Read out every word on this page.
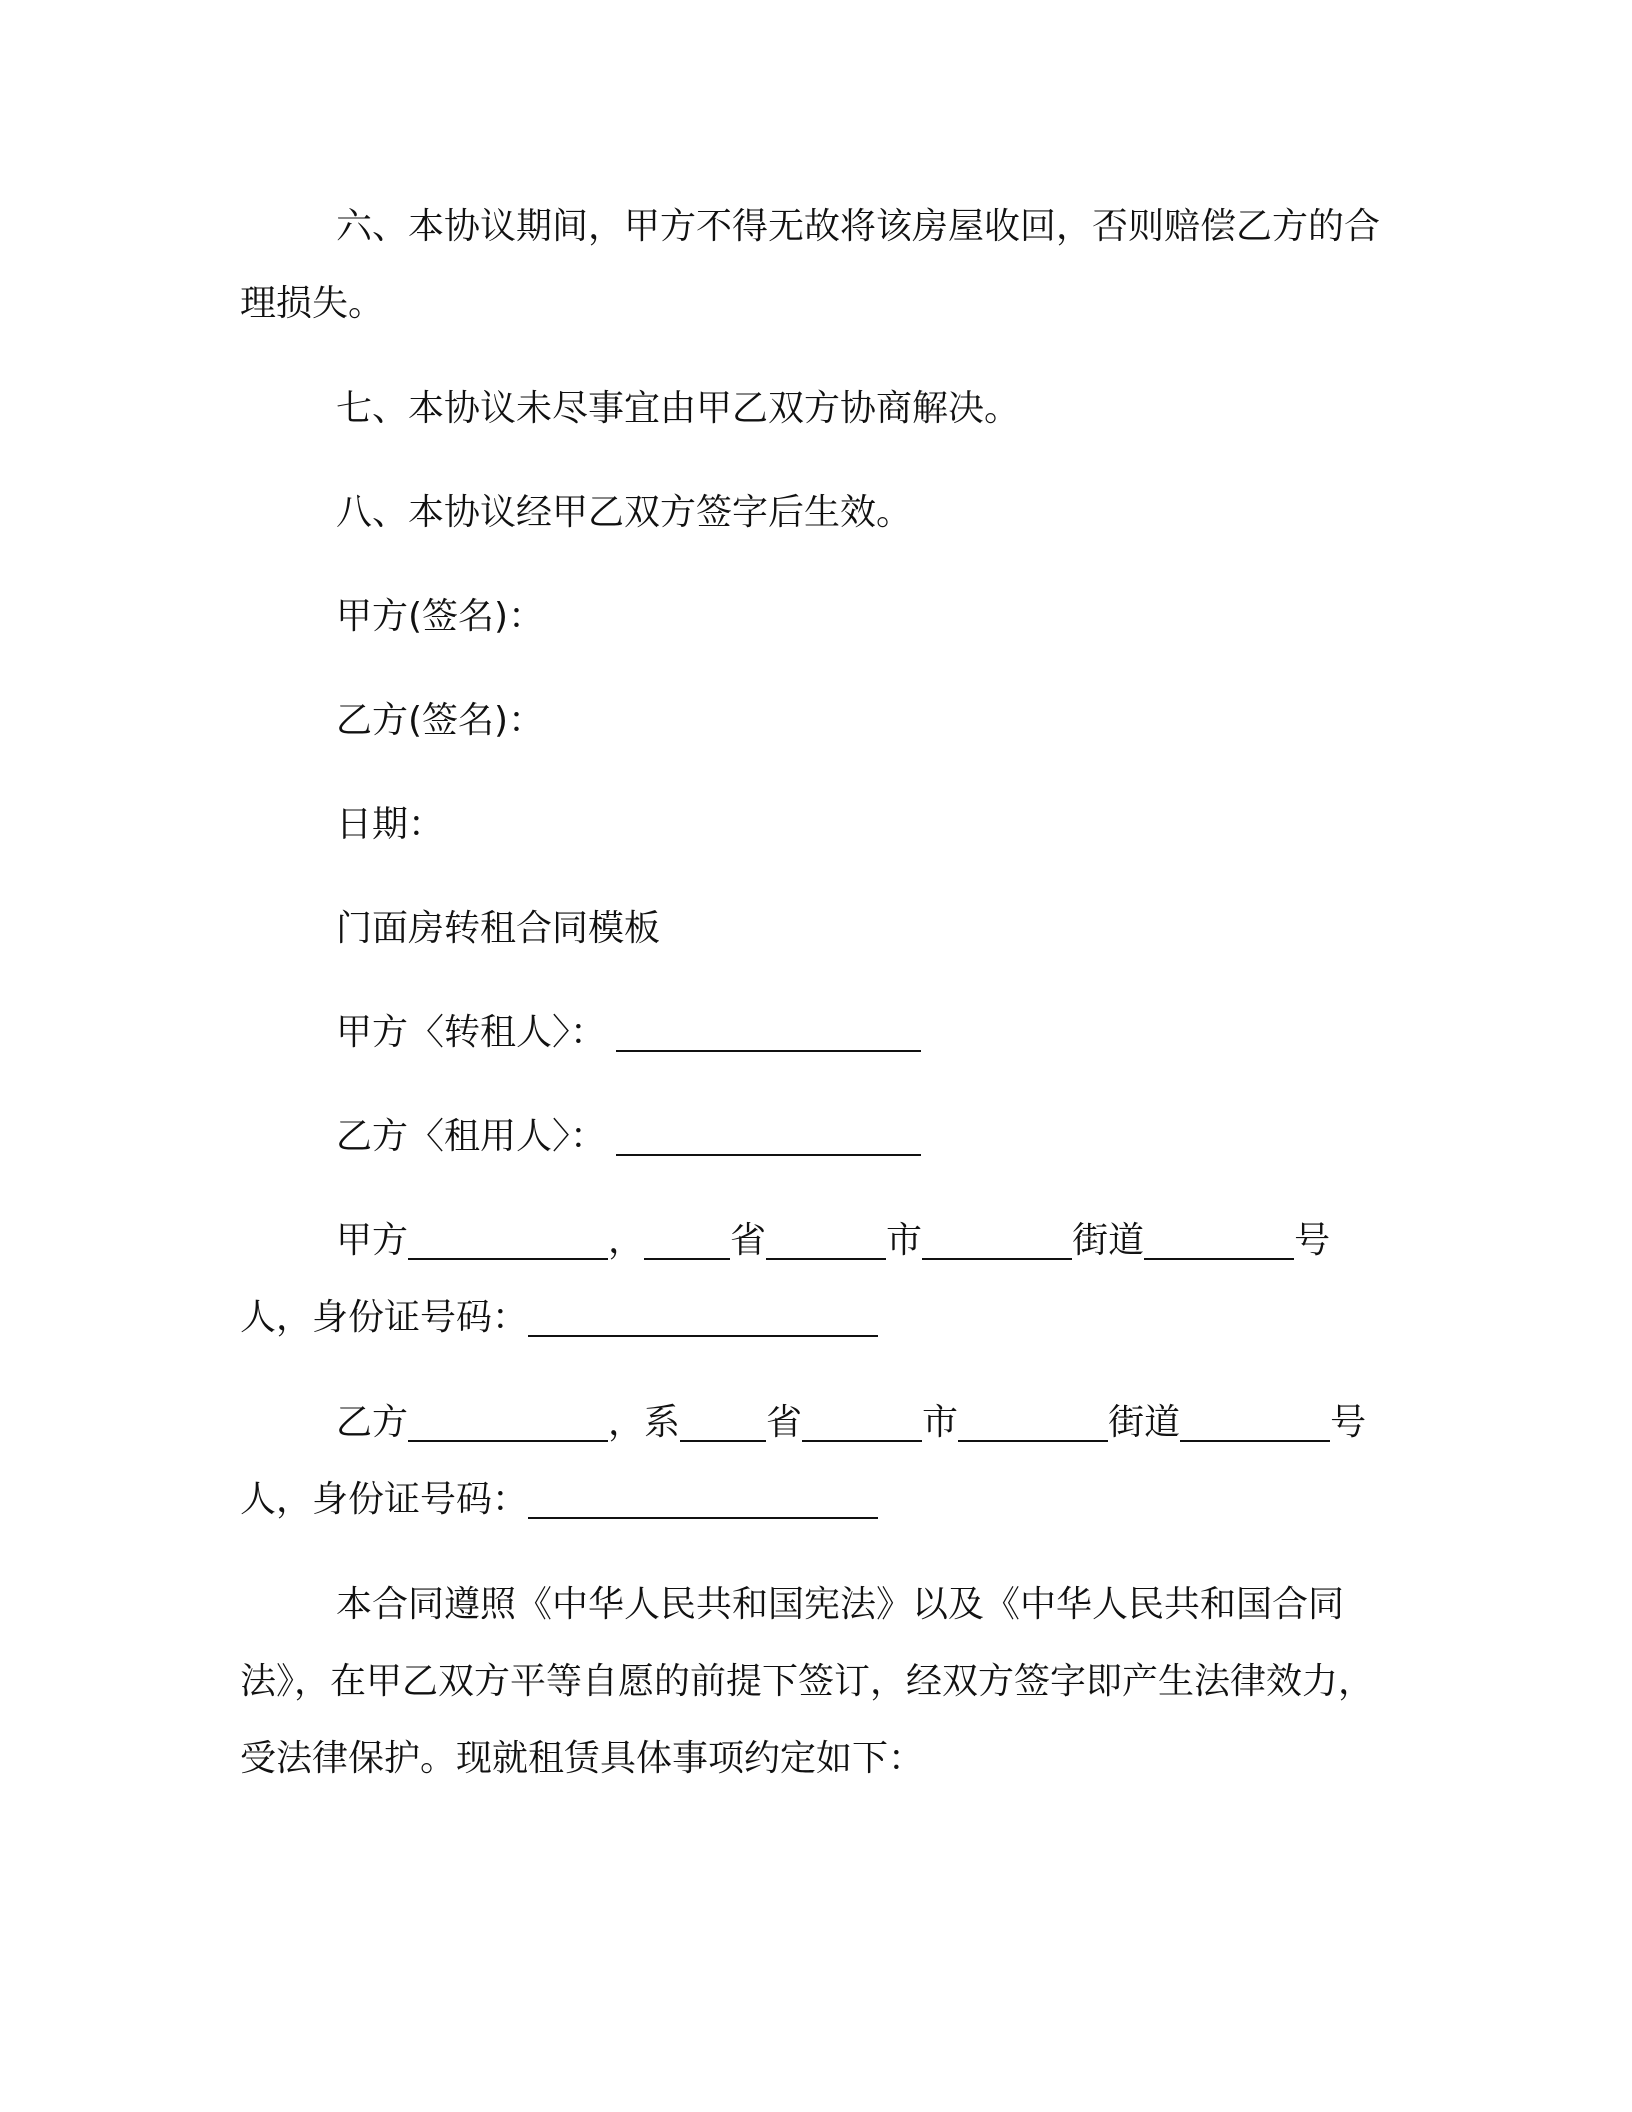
六、本协议期间，甲方不得无故将该房屋收回，否则赔偿乙方的合理损失。

七、本协议未尽事宜由甲乙双方协商解决。

八、本协议经甲乙双方签字后生效。

甲方(签名)：

乙方(签名)：

日期：

门面房转租合同模板

甲方〈转租人〉：

乙方〈租用人〉：

甲方	， 省	市	街道	号人，身份证号码：

乙方	，系 省	市	街道	号人，身份证号码：

本合同遵照《中华人民共和国宪法》以及《中华人民共和国合同法》，在甲乙双方平等自愿的前提下签订，经双方签字即产生法律效力，受法律保护。现就租赁具体事项约定如下：
